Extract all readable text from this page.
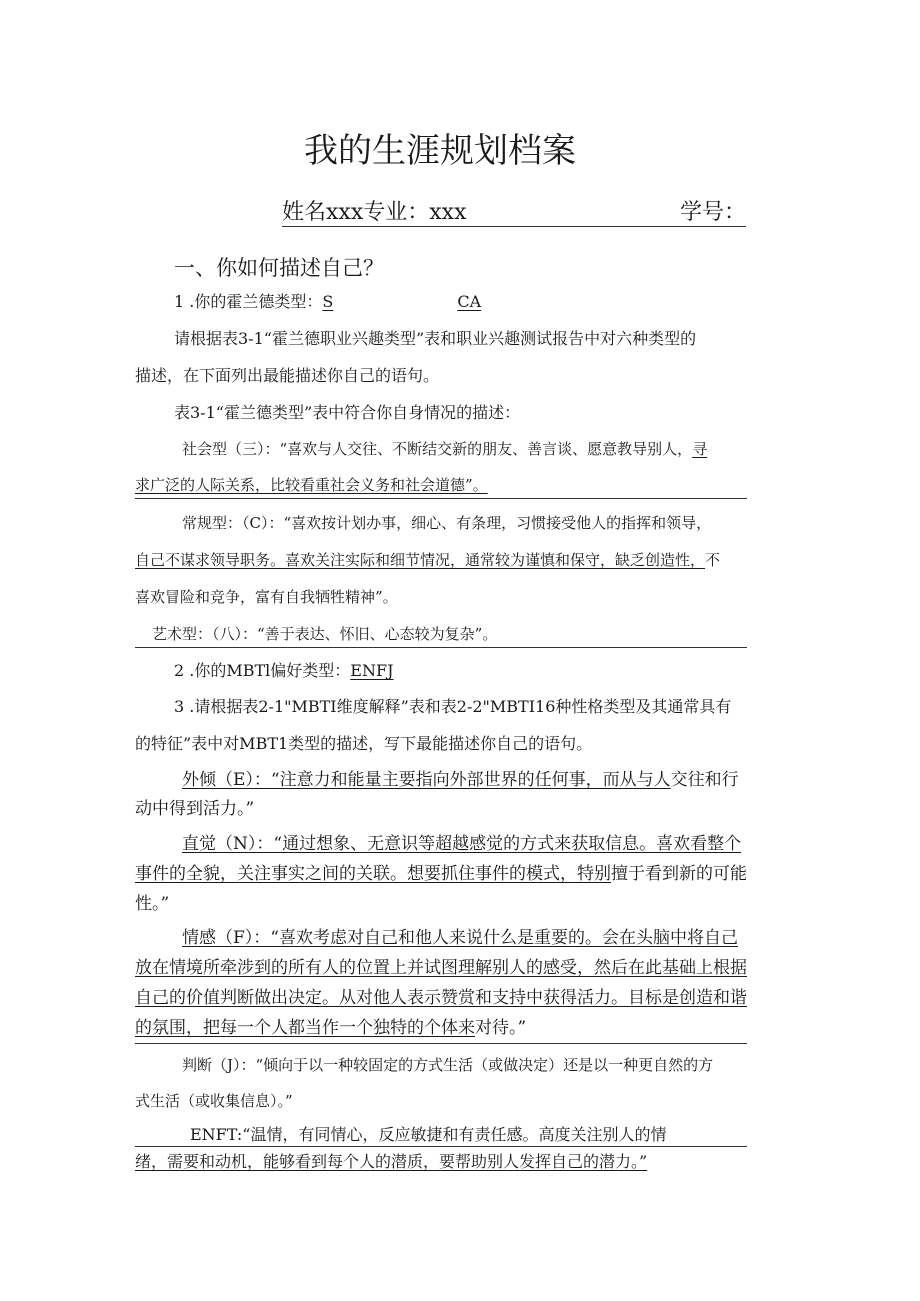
我的生涯规划档案
姓名xxx专业：xxx	学号：
一、你如何描述自己？
1 .你的霍兰德类型：S	CA
请根据表3-1“霍兰德职业兴趣类型”表和职业兴趣测试报告中对六种类型的
描述，在下面列出最能描述你自己的语句。
表3-1“霍兰德类型”表中符合你自身情况的描述：
社会型（三）：“喜欢与人交往、不断结交新的朋友、善言谈、愿意教导别人，寻
求广泛的人际关系，比较看重社会义务和社会道德”。
常规型：（C）：“喜欢按计划办事，细心、有条理，习惯接受他人的指挥和领导，
自己不谋求领导职务。喜欢关注实际和细节情况，通常较为谨慎和保守，缺乏创造性，不
喜欢冒险和竞争，富有自我牺牲精神”。
艺术型：（八）：“善于表达、怀旧、心态较为复杂”。
2 .你的MBTl偏好类型：ENFJ
3 .请根据表2-1"MBTI维度解释”表和表2-2"MBTI16种性格类型及其通常具有
的特征”表中对MBT1类型的描述，写下最能描述你自己的语句。
外倾（E）：“注意力和能量主要指向外部世界的任何事，而从与人交往和行
动中得到活力。”
直觉（N）：“通过想象、无意识等超越感觉的方式来获取信息。喜欢看整个
事件的全貌，关注事实之间的关联。想要抓住事件的模式，特别擅于看到新的可能
性。”
情感（F）：“喜欢考虑对自己和他人来说什么是重要的。会在头脑中将自己
放在情境所牵涉到的所有人的位置上并试图理解别人的感受，然后在此基础上根据
自己的价值判断做出决定。从对他人表示赞赏和支持中获得活力。目标是创造和谐
的氛围，把每一个人都当作一个独特的个体来对待。”
判断（J）：“倾向于以一种较固定的方式生活（或做决定）还是以一种更自然的方
式生活（或收集信息）。”
ENFT:“温情，有同情心，反应敏捷和有责任感。高度关注别人的情
绪，需要和动机，能够看到每个人的潜质，要帮助别人发挥自己的潜力。”
